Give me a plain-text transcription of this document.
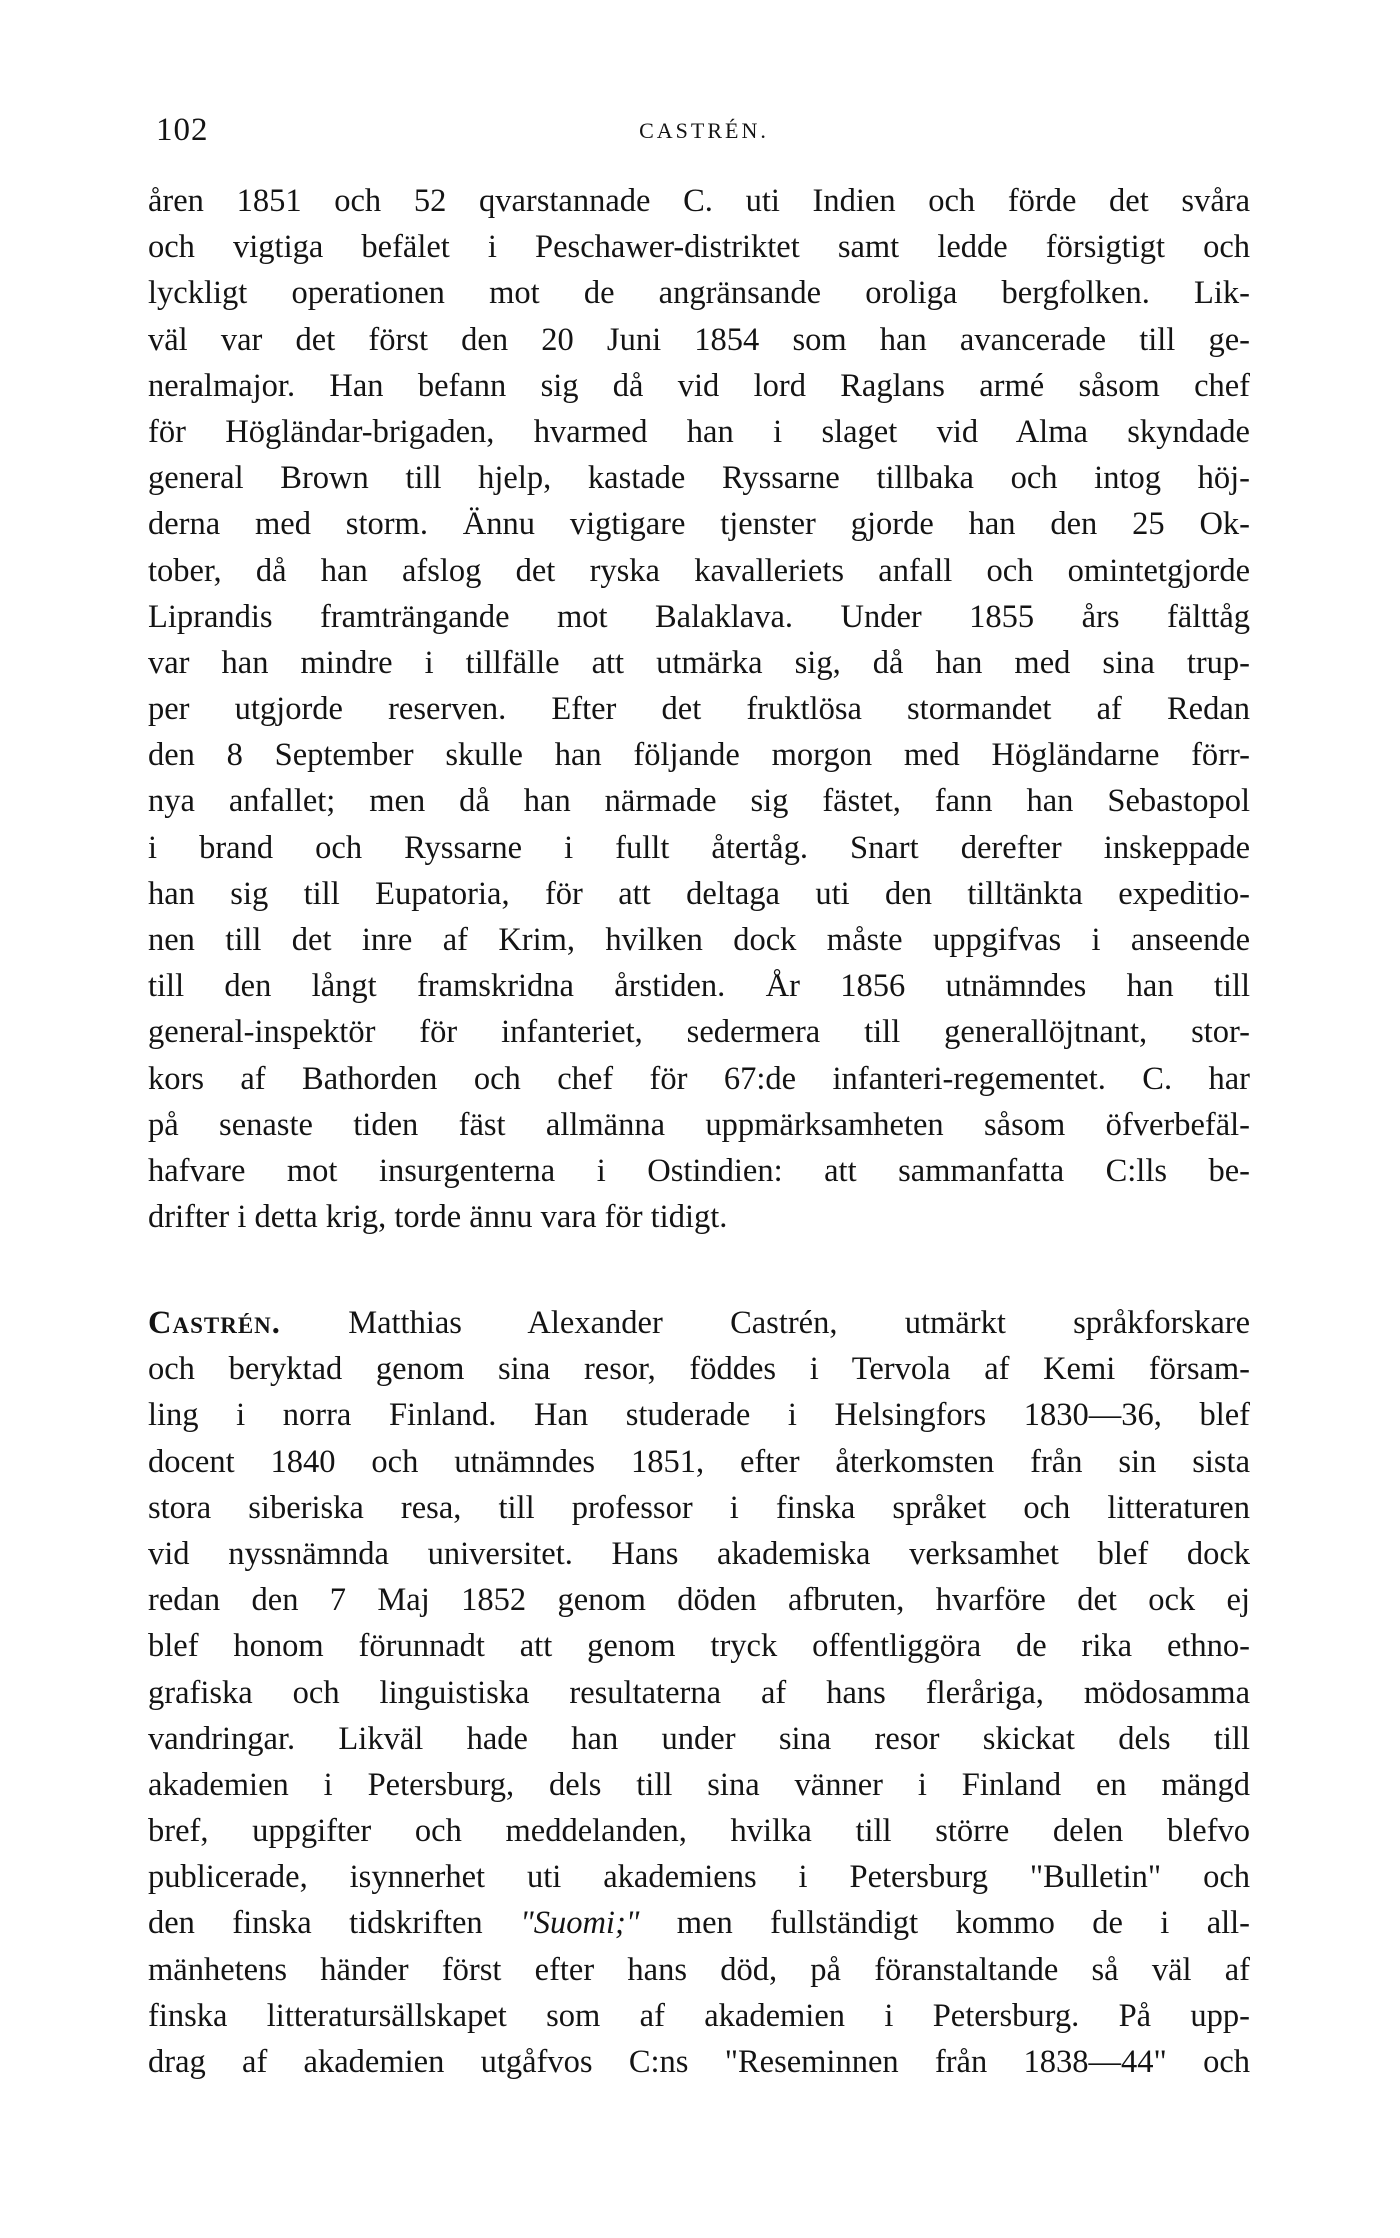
102	CASTRÉN.
åren 1851 och 52 qvarstannade C. uti Indien och förde det svåra
och vigtiga befälet i Peschawer-distriktet samt ledde försigtigt och
lyckligt operationen mot de angränsande oroliga bergfolken. Lik-
väl var det först den 20 Juni 1854 som han avancerade till ge-
neralmajor. Han befann sig då vid lord Raglans armé såsom chef
för Högländar-brigaden, hvarmed han i slaget vid Alma skyndade
general Brown till hjelp, kastade Ryssarne tillbaka och intog höj-
derna med storm. Ännu vigtigare tjenster gjorde han den 25 Ok-
tober, då han afslog det ryska kavalleriets anfall och omintetgjorde
Liprandis framträngande mot Balaklava. Under 1855 års fälttåg
var han mindre i tillfälle att utmärka sig, då han med sina trup-
per utgjorde reserven. Efter det fruktlösa stormandet af Redan
den 8 September skulle han följande morgon med Högländarne förr-
nya anfallet; men då han närmade sig fästet, fann han Sebastopol
i brand och Ryssarne i fullt återtåg. Snart derefter inskeppade
han sig till Eupatoria, för att deltaga uti den tilltänkta expeditio-
nen till det inre af Krim, hvilken dock måste uppgifvas i anseende
till den långt framskridna årstiden. År 1856 utnämndes han till
general-inspektör för infanteriet, sedermera till generallöjtnant, stor-
kors af Bathorden och chef för 67:de infanteri-regementet. C. har
på senaste tiden fäst allmänna uppmärksamheten såsom öfverbefäl-
hafvare mot insurgenterna i Ostindien: att sammanfatta C:lls be-
drifter i detta krig, torde ännu vara för tidigt.
Castrén. Matthias Alexander Castrén, utmärkt språkforskare
och beryktad genom sina resor, föddes i Tervola af Kemi försam-
ling i norra Finland. Han studerade i Helsingfors 1830—36, blef
docent 1840 och utnämndes 1851, efter återkomsten från sin sista
stora siberiska resa, till professor i finska språket och litteraturen
vid nyssnämnda universitet. Hans akademiska verksamhet blef dock
redan den 7 Maj 1852 genom döden afbruten, hvarföre det ock ej
blef honom förunnadt att genom tryck offentliggöra de rika ethno-
grafiska och linguistiska resultaterna af hans fleråriga, mödosamma
vandringar. Likväl hade han under sina resor skickat dels till
akademien i Petersburg, dels till sina vänner i Finland en mängd
bref, uppgifter och meddelanden, hvilka till större delen blefvo
publicerade, isynnerhet uti akademiens i Petersburg "Bulletin" och
den finska tidskriften "Suomi;" men fullständigt kommo de i all-
mänhetens händer först efter hans död, på föranstaltande så väl af
finska litteratursällskapet som af akademien i Petersburg. På upp-
drag af akademien utgåfvos C:ns "Reseminnen från 1838—44" och
